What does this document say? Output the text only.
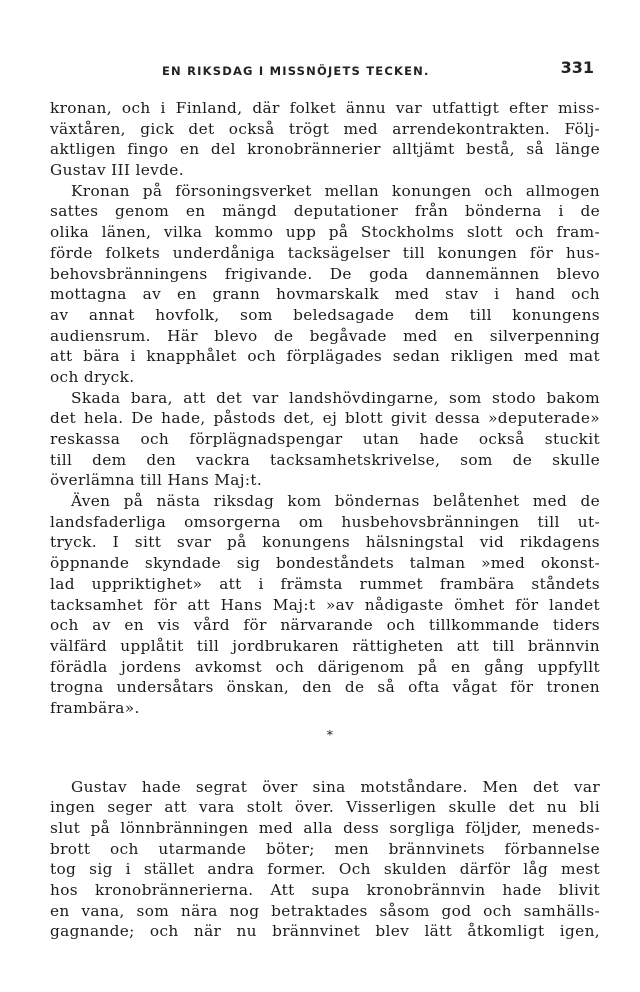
EN RIKSDAG I MISSNÖJETS TECKEN.	331
kronan, och i Finland, där folket ännu var utfattigt efter miss-
växtåren, gick det också trögt med arrendekontrakten. Följ-
aktligen fingo en del kronobrännerier alltjämt bestå, så länge
Gustav III levde.
Kronan på försoningsverket mellan konungen och allmogen
sattes genom en mängd deputationer från bönderna i de
olika länen, vilka kommo upp på Stockholms slott och fram-
förde folkets underdåniga tacksägelser till konungen för hus-
behovsbränningens frigivande. De goda dannemännen blevo
mottagna av en grann hovmarskalk med stav i hand och
av annat hovfolk, som beledsagade dem till konungens
audiensrum. Här blevo de begåvade med en silverpenning
att bära i knapphålet och förplägades sedan rikligen med mat
och dryck.
Skada bara, att det var landshövdingarne, som stodo bakom
det hela. De hade, påstods det, ej blott givit dessa »deputerade»
reskassa och förplägnadspengar utan hade också stuckit
till dem den vackra tacksamhetskrivelse, som de skulle
överlämna till Hans Maj:t.
Även på nästa riksdag kom böndernas belåtenhet med de
landsfaderliga omsorgerna om husbehovsbränningen till ut-
tryck. I sitt svar på konungens hälsningstal vid rikdagens
öppnande skyndade sig bondeståndets talman »med okonst-
lad uppriktighet» att i främsta rummet frambära ståndets
tacksamhet för att Hans Maj:t »av nådigaste ömhet för landet
och av en vis vård för närvarande och tillkommande tiders
välfärd upplåtit till jordbrukaren rättigheten att till brännvin
förädla jordens avkomst och därigenom på en gång uppfyllt
trogna undersåtars önskan, den de så ofta vågat för tronen
frambära».
*
Gustav hade segrat över sina motståndare. Men det var
ingen seger att vara stolt över. Visserligen skulle det nu bli
slut på lönnbränningen med alla dess sorgliga följder, meneds-
brott och utarmande böter; men brännvinets förbannelse
tog sig i stället andra former. Och skulden därför låg mest
hos kronobrännerierna. Att supa kronobrännvin hade blivit
en vana, som nära nog betraktades såsom god och samhälls-
gagnande; och när nu brännvinet blev lätt åtkomligt igen,
